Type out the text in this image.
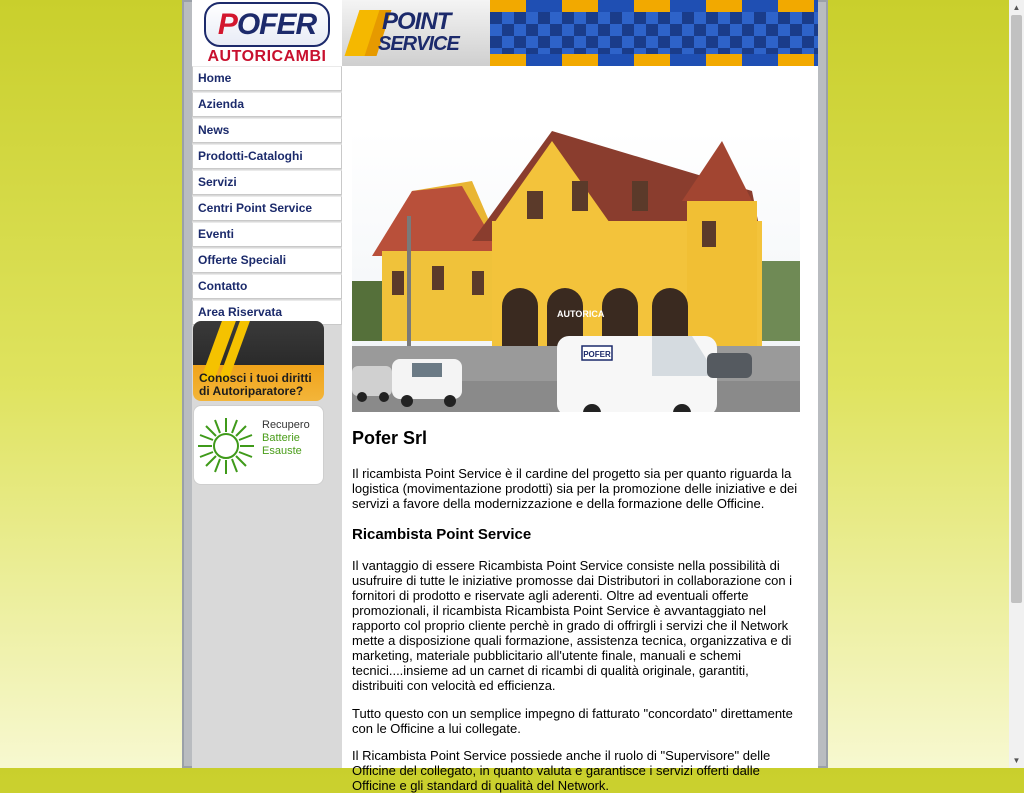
POFER
AUTORICAMBI
Home
Azienda
News
Prodotti-Cataloghi
Servizi
Centri Point Service
Eventi
Offerte Speciali
Contatto
Area Riservata
Conosci i tuoi diritti
di Autoriparatore?
Recupero
Batterie
Esauste
POINT
SERVICE
AUTORICA
POFER
Pofer Srl

Il ricambista Point Service è il cardine del progetto sia per quanto riguarda la logistica (movimentazione prodotti) sia per la promozione delle iniziative e dei servizi a favore della modernizzazione e della formazione delle Officine.

Ricambista Point Service

Il vantaggio di essere Ricambista Point Service consiste nella possibilità di usufruire di tutte le iniziative promosse dai Distributori in collaborazione con i fornitori di prodotto e riservate agli aderenti. Oltre ad eventuali offerte promozionali, il ricambista Ricambista Point Service è avvantaggiato nel rapporto col proprio cliente perchè in grado di offrirgli i servizi che il Network mette a disposizione quali formazione, assistenza tecnica, organizzativa e di marketing, materiale pubblicitario all'utente finale, manuali e schemi tecnici....insieme ad un carnet di ricambi di qualità originale, garantiti, distribuiti con velocità ed efficienza.

Tutto questo con un semplice impegno di fatturato "concordato" direttamente con le Officine a lui collegate.

Il Ricambista Point Service possiede anche il ruolo di "Supervisore" delle Officine del collegato, in quanto valuta e garantisce i servizi offerti dalle Officine e gli standard di qualità del Network.

▲
▼
